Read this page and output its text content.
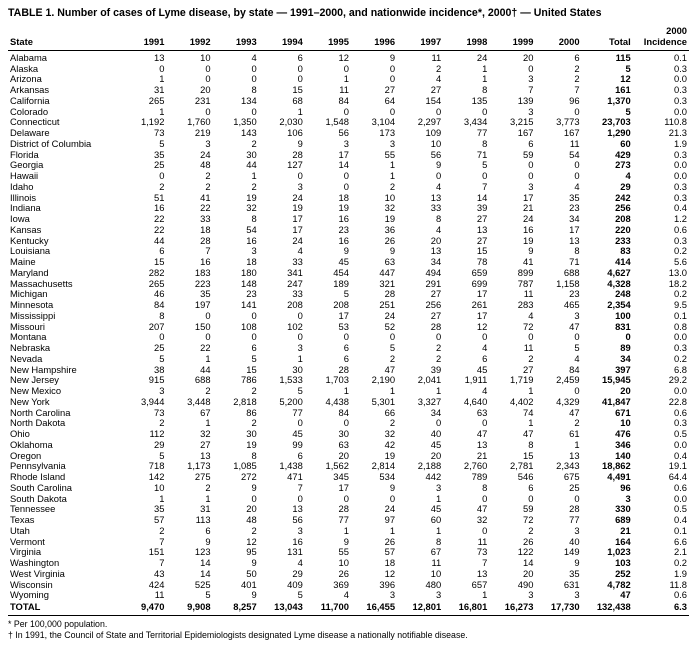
TABLE 1. Number of cases of Lyme disease, by state — 1991–2000, and nationwide incidence*, 2000† — United States
State	1991	1992	1993	1994	1995	1996	1997	1998	1999	2000	Total	2000
Incidence

Alabama	13	10	4	6	12	9	11	24	20	6	115	0.1
Alaska	0	0	0	0	0	0	2	1	0	2	5	0.3
Arizona	1	0	0	0	1	0	4	1	3	2	12	0.0
Arkansas	31	20	8	15	11	27	27	8	7	7	161	0.3
California	265	231	134	68	84	64	154	135	139	96	1,370	0.3
Colorado	1	0	0	1	0	0	0	0	3	0	5	0.0
Connecticut	1,192	1,760	1,350	2,030	1,548	3,104	2,297	3,434	3,215	3,773	23,703	110.8
Delaware	73	219	143	106	56	173	109	77	167	167	1,290	21.3
District of Columbia	5	3	2	9	3	3	10	8	6	11	60	1.9
Florida	35	24	30	28	17	55	56	71	59	54	429	0.3
Georgia	25	48	44	127	14	1	9	5	0	0	273	0.0
Hawaii	0	2	1	0	0	1	0	0	0	0	4	0.0
Idaho	2	2	2	3	0	2	4	7	3	4	29	0.3
Illinois	51	41	19	24	18	10	13	14	17	35	242	0.3
Indiana	16	22	32	19	19	32	33	39	21	23	256	0.4
Iowa	22	33	8	17	16	19	8	27	24	34	208	1.2
Kansas	22	18	54	17	23	36	4	13	16	17	220	0.6
Kentucky	44	28	16	24	16	26	20	27	19	13	233	0.3
Louisiana	6	7	3	4	9	9	13	15	9	8	83	0.2
Maine	15	16	18	33	45	63	34	78	41	71	414	5.6
Maryland	282	183	180	341	454	447	494	659	899	688	4,627	13.0
Massachusetts	265	223	148	247	189	321	291	699	787	1,158	4,328	18.2
Michigan	46	35	23	33	5	28	27	17	11	23	248	0.2
Minnesota	84	197	141	208	208	251	256	261	283	465	2,354	9.5
Mississippi	8	0	0	0	17	24	27	17	4	3	100	0.1
Missouri	207	150	108	102	53	52	28	12	72	47	831	0.8
Montana	0	0	0	0	0	0	0	0	0	0	0	0.0
Nebraska	25	22	6	3	6	5	2	4	11	5	89	0.3
Nevada	5	1	5	1	6	2	2	6	2	4	34	0.2
New Hampshire	38	44	15	30	28	47	39	45	27	84	397	6.8
New Jersey	915	688	786	1,533	1,703	2,190	2,041	1,911	1,719	2,459	15,945	29.2
New Mexico	3	2	2	5	1	1	1	4	1	0	20	0.0
New York	3,944	3,448	2,818	5,200	4,438	5,301	3,327	4,640	4,402	4,329	41,847	22.8
North Carolina	73	67	86	77	84	66	34	63	74	47	671	0.6
North Dakota	2	1	2	0	0	2	0	0	1	2	10	0.3
Ohio	112	32	30	45	30	32	40	47	47	61	476	0.5
Oklahoma	29	27	19	99	63	42	45	13	8	1	346	0.0
Oregon	5	13	8	6	20	19	20	21	15	13	140	0.4
Pennsylvania	718	1,173	1,085	1,438	1,562	2,814	2,188	2,760	2,781	2,343	18,862	19.1
Rhode Island	142	275	272	471	345	534	442	789	546	675	4,491	64.4
South Carolina	10	2	9	7	17	9	3	8	6	25	96	0.6
South Dakota	1	1	0	0	0	0	1	0	0	0	3	0.0
Tennessee	35	31	20	13	28	24	45	47	59	28	330	0.5
Texas	57	113	48	56	77	97	60	32	72	77	689	0.4
Utah	2	6	2	3	1	1	1	0	2	3	21	0.1
Vermont	7	9	12	16	9	26	8	11	26	40	164	6.6
Virginia	151	123	95	131	55	57	67	73	122	149	1,023	2.1
Washington	7	14	9	4	10	18	11	7	14	9	103	0.2
West Virginia	43	14	50	29	26	12	10	13	20	35	252	1.9
Wisconsin	424	525	401	409	369	396	480	657	490	631	4,782	11.8
Wyoming	11	5	9	5	4	3	3	1	3	3	47	0.6
TOTAL	9,470	9,908	8,257	13,043	11,700	16,455	12,801	16,801	16,273	17,730	132,438	6.3
* Per 100,000 population.
† In 1991, the Council of State and Territorial Epidemiologists designated Lyme disease a nationally notifiable disease.
